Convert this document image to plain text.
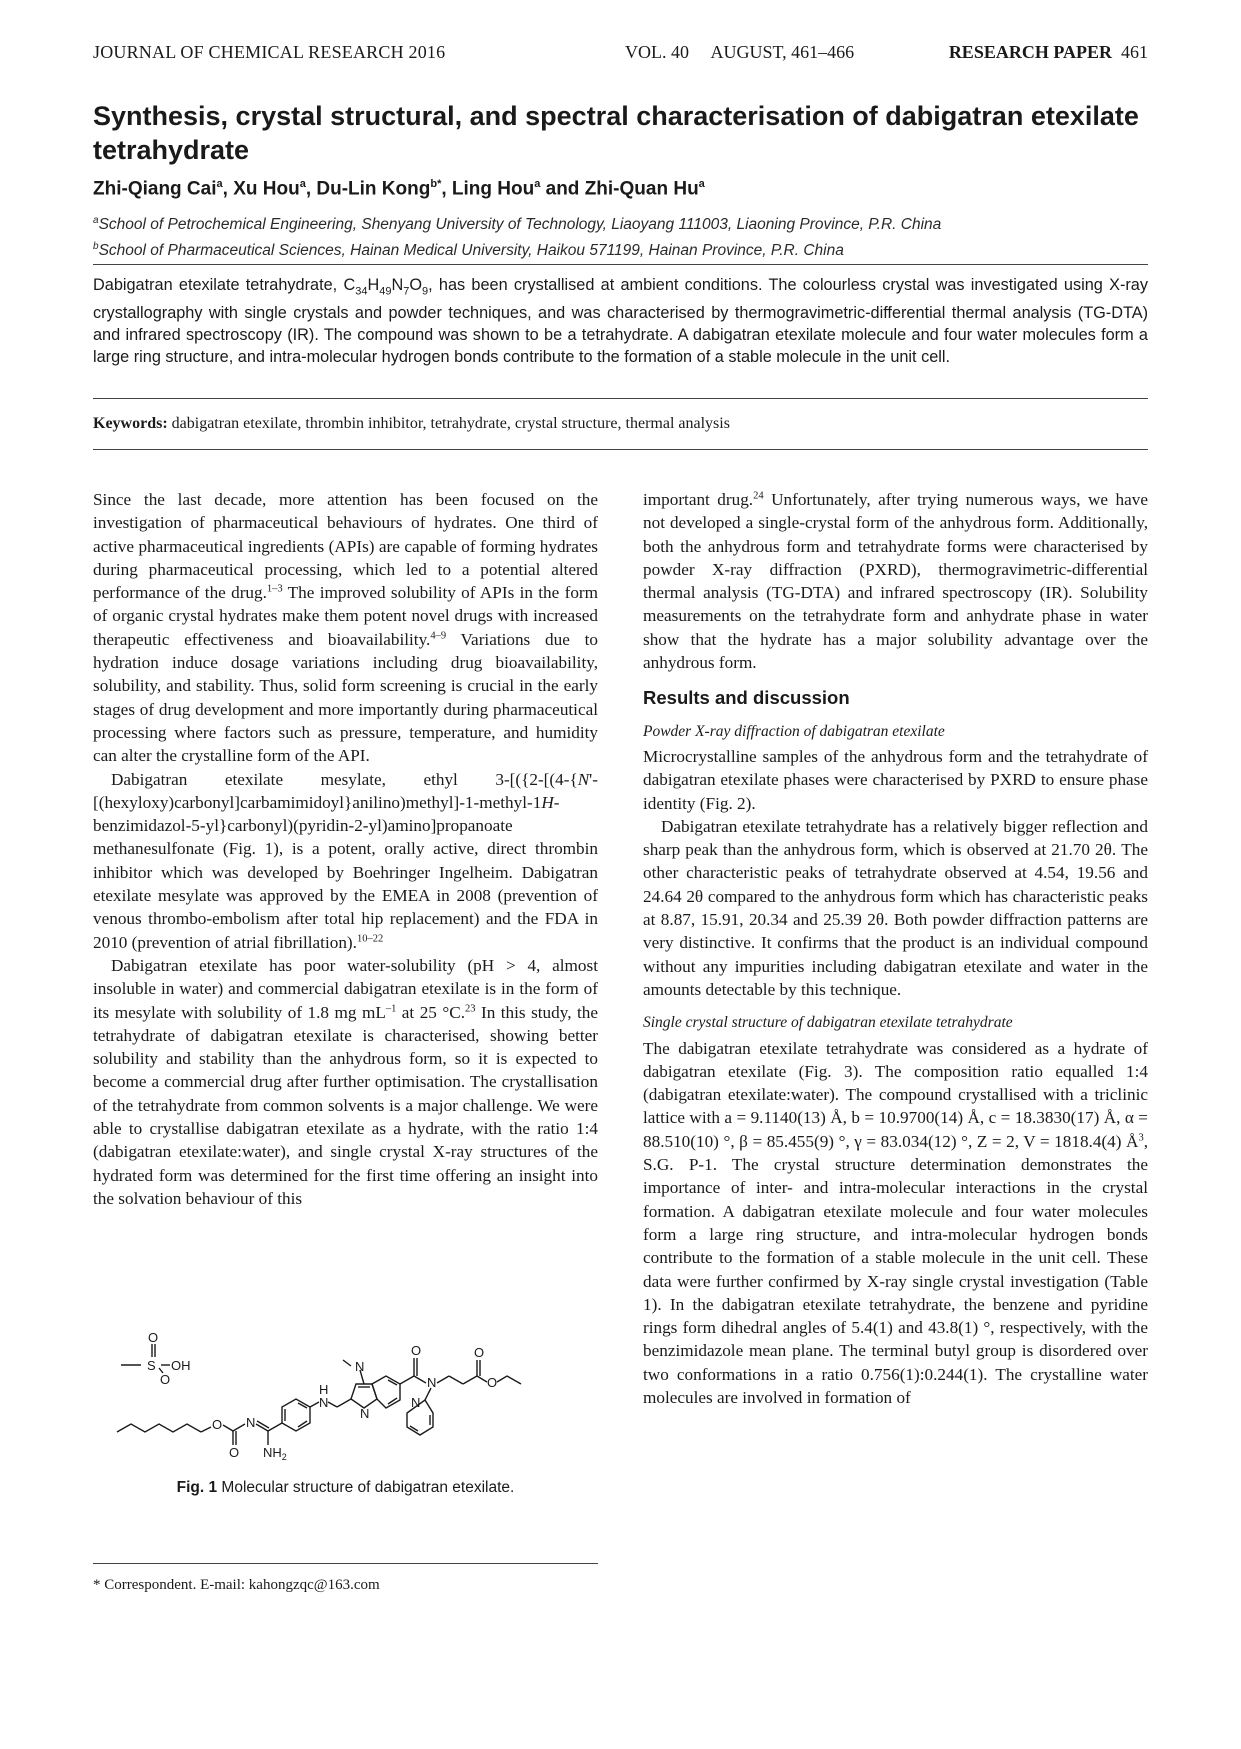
JOURNAL OF CHEMICAL RESEARCH 2016	VOL. 40     AUGUST, 461–466	RESEARCH PAPER 461
Synthesis, crystal structural, and spectral characterisation of dabigatran etexilate tetrahydrate
Zhi-Qiang Cai$^a$, Xu Hou$^a$, Du-Lin Kong$^{b*}$, Ling Hou$^a$ and Zhi-Quan Hu$^a$
$^a$School of Petrochemical Engineering, Shenyang University of Technology, Liaoyang 111003, Liaoning Province, P.R. China
$^b$School of Pharmaceutical Sciences, Hainan Medical University, Haikou 571199, Hainan Province, P.R. China

Dabigatran etexilate tetrahydrate, $C_{34}H_{49}N_7O_9$, has been crystallised at ambient conditions. The colourless crystal was investigated using X-ray crystallography with single crystals and powder techniques, and was characterised by thermogravimetric-differential thermal analysis (TG-DTA) and infrared spectroscopy (IR). The compound was shown to be a tetrahydrate. A dabigatran etexilate molecule and four water molecules form a large ring structure, and intra-molecular hydrogen bonds contribute to the formation of a stable molecule in the unit cell.

Keywords: dabigatran etexilate, thrombin inhibitor, tetrahydrate, crystal structure, thermal analysis

Since the last decade, more attention has been focused on the investigation of pharmaceutical behaviours of hydrates. One third of active pharmaceutical ingredients (APIs) are capable of forming hydrates during pharmaceutical processing, which led to a potential altered performance of the drug.$^{1-3}$ The improved solubility of APIs in the form of organic crystal hydrates make them potent novel drugs with increased therapeutic effectiveness and bioavailability.$^{4-9}$ Variations due to hydration induce dosage variations including drug bioavailability, solubility, and stability. Thus, solid form screening is crucial in the early stages of drug development and more importantly during pharmaceutical processing where factors such as pressure, temperature, and humidity can alter the crystalline form of the API.

Dabigatran etexilate mesylate, ethyl 3-[({2-[(4-{N'-[(hexyloxy)carbonyl]carbamimidoyl}anilino)methyl]-1-methyl-1H-benzimidazol-5-yl}carbonyl)(pyridin-2-yl)amino]propanoate methanesulfonate (Fig. 1), is a potent, orally active, direct thrombin inhibitor which was developed by Boehringer Ingelheim. Dabigatran etexilate mesylate was approved by the EMEA in 2008 (prevention of venous thrombo-embolism after total hip replacement) and the FDA in 2010 (prevention of atrial fibrillation).$^{10-22}$

Dabigatran etexilate has poor water-solubility (pH > 4, almost insoluble in water) and commercial dabigatran etexilate is in the form of its mesylate with solubility of 1.8 mg $mL^{-1}$ at 25 °C.$^{23}$ In this study, the tetrahydrate of dabigatran etexilate is characterised, showing better solubility and stability than the anhydrous form, so it is expected to become a commercial drug after further optimisation. The crystallisation of the tetrahydrate from common solvents is a major challenge. We were able to crystallise dabigatran etexilate as a hydrate, with the ratio 1:4 (dabigatran etexilate:water), and single crystal X-ray structures of the hydrated form was determined for the first time offering an insight into the solvation behaviour of this

O
S OH
O
O
O
N
$NH_2$
H
N
N
N
O
N
N
O
O
Fig. 1 Molecular structure of dabigatran etexilate.

important drug.$^{24}$ Unfortunately, after trying numerous ways, we have not developed a single-crystal form of the anhydrous form. Additionally, both the anhydrous form and tetrahydrate forms were characterised by powder X-ray diffraction (PXRD), thermogravimetric-differential thermal analysis (TG-DTA) and infrared spectroscopy (IR). Solubility measurements on the tetrahydrate form and anhydrate phase in water show that the hydrate has a major solubility advantage over the anhydrous form.

Results and discussion

Powder X-ray diffraction of dabigatran etexilate

Microcrystalline samples of the anhydrous form and the tetrahydrate of dabigatran etexilate phases were characterised by PXRD to ensure phase identity (Fig. 2).

Dabigatran etexilate tetrahydrate has a relatively bigger reflection and sharp peak than the anhydrous form, which is observed at 21.70 2θ. The other characteristic peaks of tetrahydrate observed at 4.54, 19.56 and 24.64 2θ compared to the anhydrous form which has characteristic peaks at 8.87, 15.91, 20.34 and 25.39 2θ. Both powder diffraction patterns are very distinctive. It confirms that the product is an individual compound without any impurities including dabigatran etexilate and water in the amounts detectable by this technique.

Single crystal structure of dabigatran etexilate tetrahydrate

The dabigatran etexilate tetrahydrate was considered as a hydrate of dabigatran etexilate (Fig. 3). The composition ratio equalled 1:4 (dabigatran etexilate:water). The compound crystallised with a triclinic lattice with a = 9.1140(13) Å, b = 10.9700(14) Å, c = 18.3830(17) Å, α = 88.510(10) °, β = 85.455(9) °, γ = 83.034(12) °, Z = 2, V = 1818.4(4) $Å^3$, S.G. P-1. The crystal structure determination demonstrates the importance of inter- and intra-molecular interactions in the crystal formation. A dabigatran etexilate molecule and four water molecules form a large ring structure, and intra-molecular hydrogen bonds contribute to the formation of a stable molecule in the unit cell. These data were further confirmed by X-ray single crystal investigation (Table 1). In the dabigatran etexilate tetrahydrate, the benzene and pyridine rings form dihedral angles of 5.4(1) and 43.8(1) °, respectively, with the benzimidazole mean plane. The terminal butyl group is disordered over two conformations in a ratio 0.756(1):0.244(1). The crystalline water molecules are involved in formation of

* Correspondent. E-mail: kahongzqc@163.com
